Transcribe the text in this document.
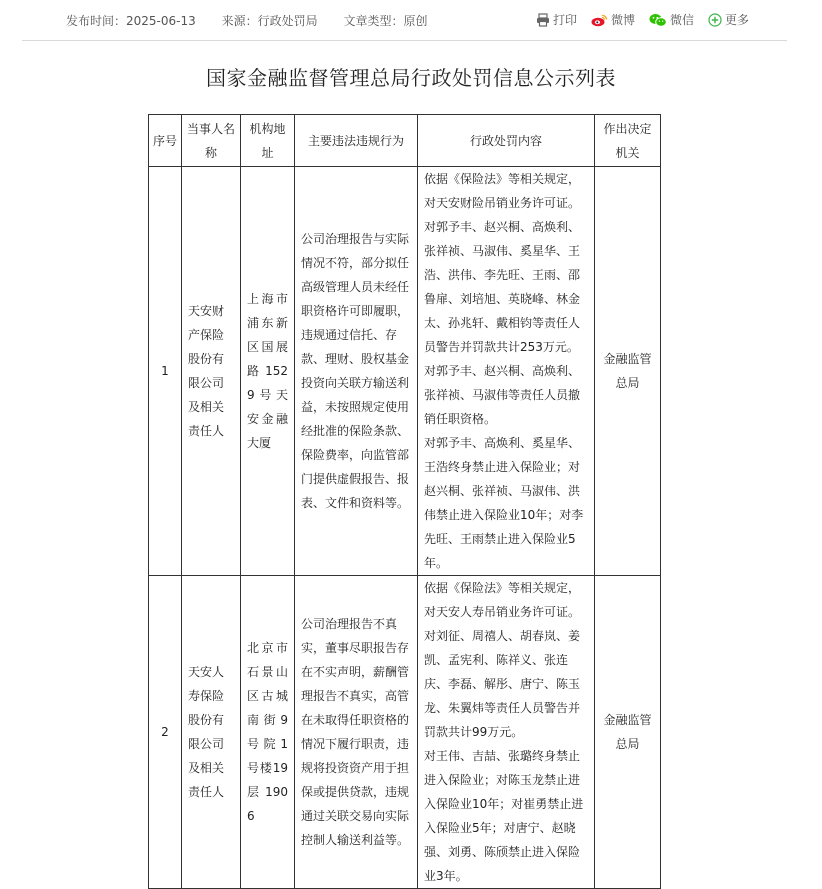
发布时间：2025-06-13 来源：行政处罚局 文章类型：原创	打印	微博	微信	更多
国家金融监督管理总局行政处罚信息公示列表
序号	当事人名称	机构地址	主要违法违规行为	行政处罚内容	作出决定机关
1	天安财产保险股份有限公司及相关责任人	上海市浦东新区国展路1529号天安金融大厦	公司治理报告与实际情况不符，部分拟任高级管理人员未经任职资格许可即履职，违规通过信托、存款、理财、股权基金投资向关联方输送利益，未按照规定使用经批准的保险条款、保险费率，向监管部门提供虚假报告、报表、文件和资料等。	依据《保险法》等相关规定，对天安财险吊销业务许可证。
对郭予丰、赵兴桐、高焕利、张祥祯、马淑伟、奚星华、王浩、洪伟、李先旺、王雨、邵鲁扉、刘培旭、英晓峰、林金太、孙兆轩、戴相钧等责任人员警告并罚款共计253万元。
对郭予丰、赵兴桐、高焕利、张祥祯、马淑伟等责任人员撤销任职资格。
对郭予丰、高焕利、奚星华、王浩终身禁止进入保险业；对赵兴桐、张祥祯、马淑伟、洪伟禁止进入保险业10年；对李先旺、王雨禁止进入保险业5年。	金融监管总局
2	天安人寿保险股份有限公司及相关责任人	北京市石景山区古城南街9号院1号楼19层1906	公司治理报告不真实，董事尽职报告存在不实声明，薪酬管理报告不真实，高管在未取得任职资格的情况下履行职责，违规将投资资产用于担保或提供贷款，违规通过关联交易向实际控制人输送利益等。	依据《保险法》等相关规定，对天安人寿吊销业务许可证。
对刘征、周禧人、胡春岚、姜凯、孟宪利、陈祥义、张连庆、李磊、解彤、唐宁、陈玉龙、朱翼炜等责任人员警告并罚款共计99万元。
对王伟、吉喆、张璐终身禁止进入保险业；对陈玉龙禁止进入保险业10年；对崔勇禁止进入保险业5年；对唐宁、赵晓强、刘勇、陈颀禁止进入保险业3年。	金融监管总局
